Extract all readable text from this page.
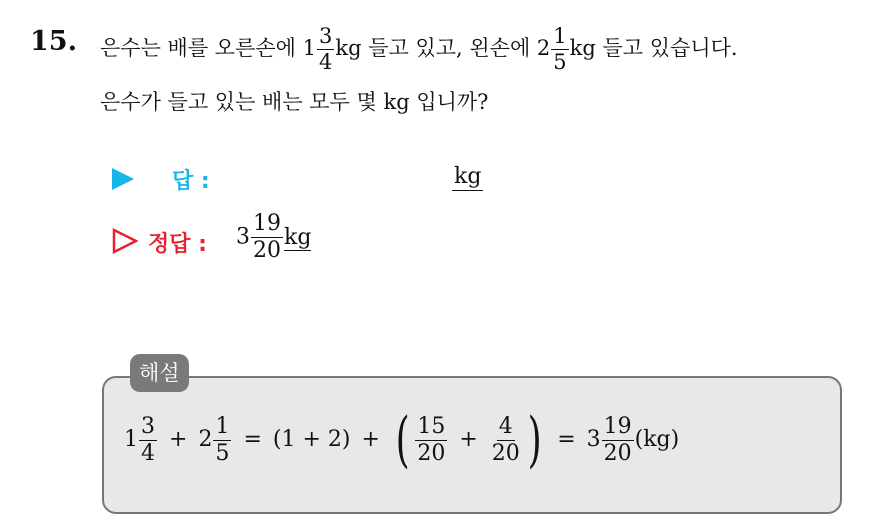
15. 은수는 배를 오른손에 $1 \frac{3}{4}$ kg 들고 있고, 왼손에 $2 \frac{1}{5}$ kg 들고 있습니다.
은수가 들고 있는 배는 모두 몇 kg 입니까?
답 :	kg
정답 : $3 \frac{19}{20}$ kg
해설
$1 \frac{3}{4} + 2 \frac{1}{5} = (1 + 2)$ + ( $\frac{15}{20} + \frac{4}{20}$ ) = $3 \frac{19}{20} (kg)$
